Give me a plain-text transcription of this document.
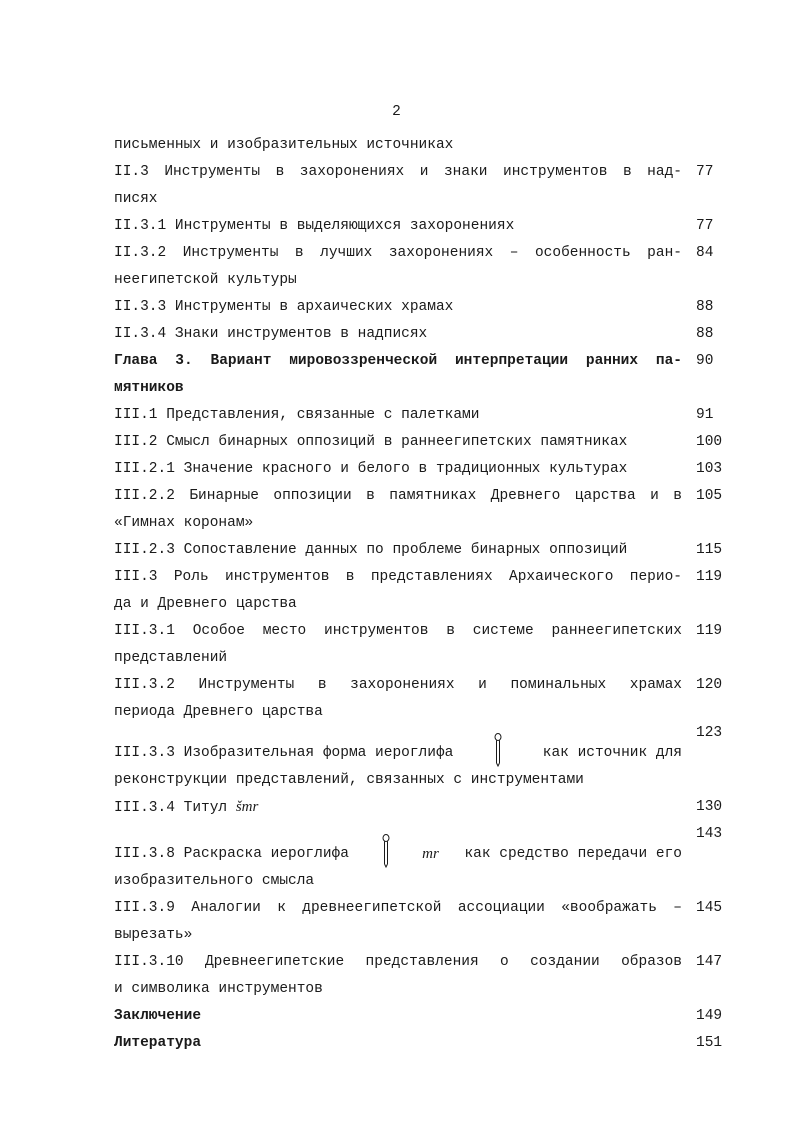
2
письменных и изобразительных источниках
II.3 Инструменты в захоронениях и знаки инструментов в над-
писях
77
II.3.1 Инструменты в выделяющихся захоронениях	77
II.3.2 Инструменты в лучших захоронениях – особенность ран-
неегипетской культуры
84
II.3.3 Инструменты в архаических храмах	88
II.3.4 Знаки инструментов в надписях	88
Глава 3. Вариант мировоззренческой интерпретации ранних па-
мятников
90
III.1 Представления, связанные с палетками	91
III.2 Смысл бинарных оппозиций в раннеегипетских памятниках	100
III.2.1 Значение красного и белого в традиционных культурах	103
III.2.2 Бинарные оппозиции в памятниках Древнего царства и в
«Гимнах коронам»
105
III.2.3 Сопоставление данных по проблеме бинарных оппозиций	115
III.3 Роль инструментов в представлениях Архаического перио-
да и Древнего царства
119
III.3.1 Особое место инструментов в системе раннеегипетских
представлений
119
III.3.2 Инструменты в захоронениях и поминальных храмах
периода Древнего царства
120
III.3.3 Изобразительная форма иероглифа	как источник для
реконструкции представлений, связанных с инструментами
123
III.3.4 Титул šmr	130
III.3.8 Раскраска иероглифа	mr как средство передачи его
изобразительного смысла
143
III.3.9 Аналогии к древнеегипетской ассоциации «воображать –
вырезать»
145
III.3.10 Древнеегипетские представления о создании образов
и символика инструментов
147
Заключение	149
Литература	151
